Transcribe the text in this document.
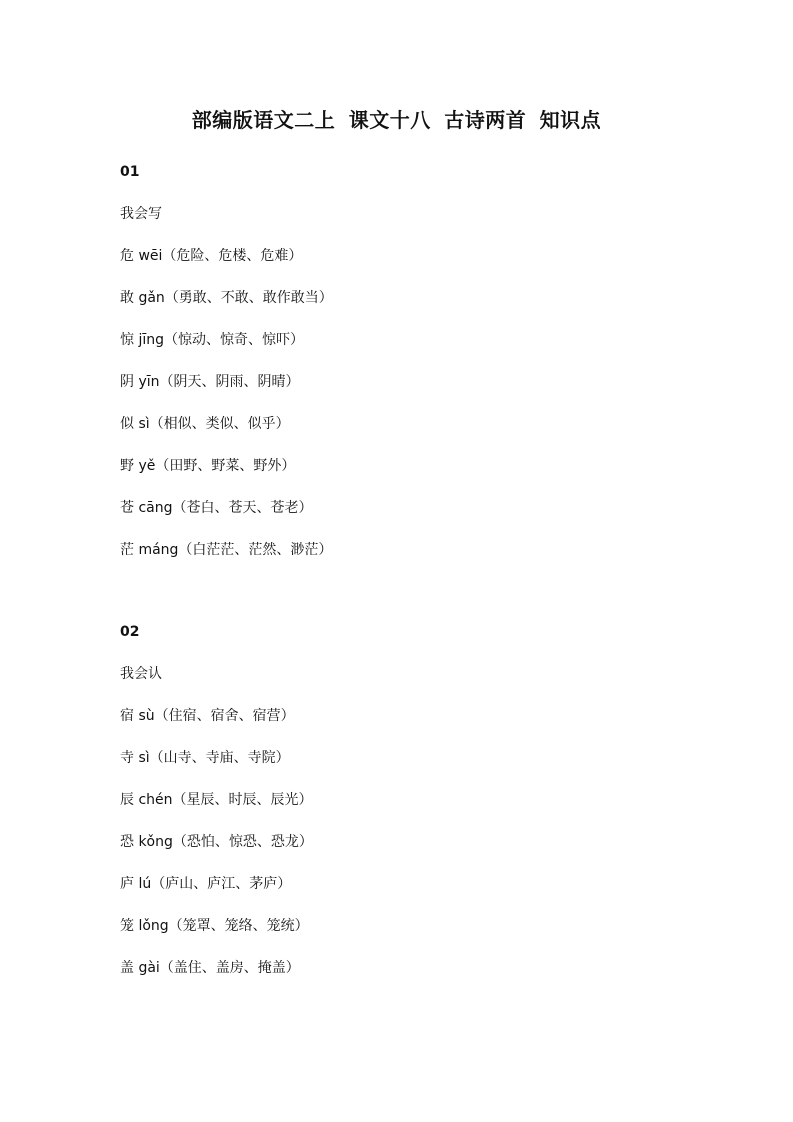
部编版语文二上 课文十八 古诗两首 知识点
01
我会写
危 wēi（危险、危楼、危难）
敢 gǎn（勇敢、不敢、敢作敢当）
惊 jīng（惊动、惊奇、惊吓）
阴 yīn（阴天、阴雨、阴晴）
似 sì（相似、类似、似乎）
野 yě（田野、野菜、野外）
苍 cāng（苍白、苍天、苍老）
茫 máng（白茫茫、茫然、渺茫）
02
我会认
宿 sù（住宿、宿舍、宿营）
寺 sì（山寺、寺庙、寺院）
辰 chén（星辰、时辰、辰光）
恐 kǒng（恐怕、惊恐、恐龙）
庐 lú（庐山、庐江、茅庐）
笼 lǒng（笼罩、笼络、笼统）
盖 gài（盖住、盖房、掩盖）
